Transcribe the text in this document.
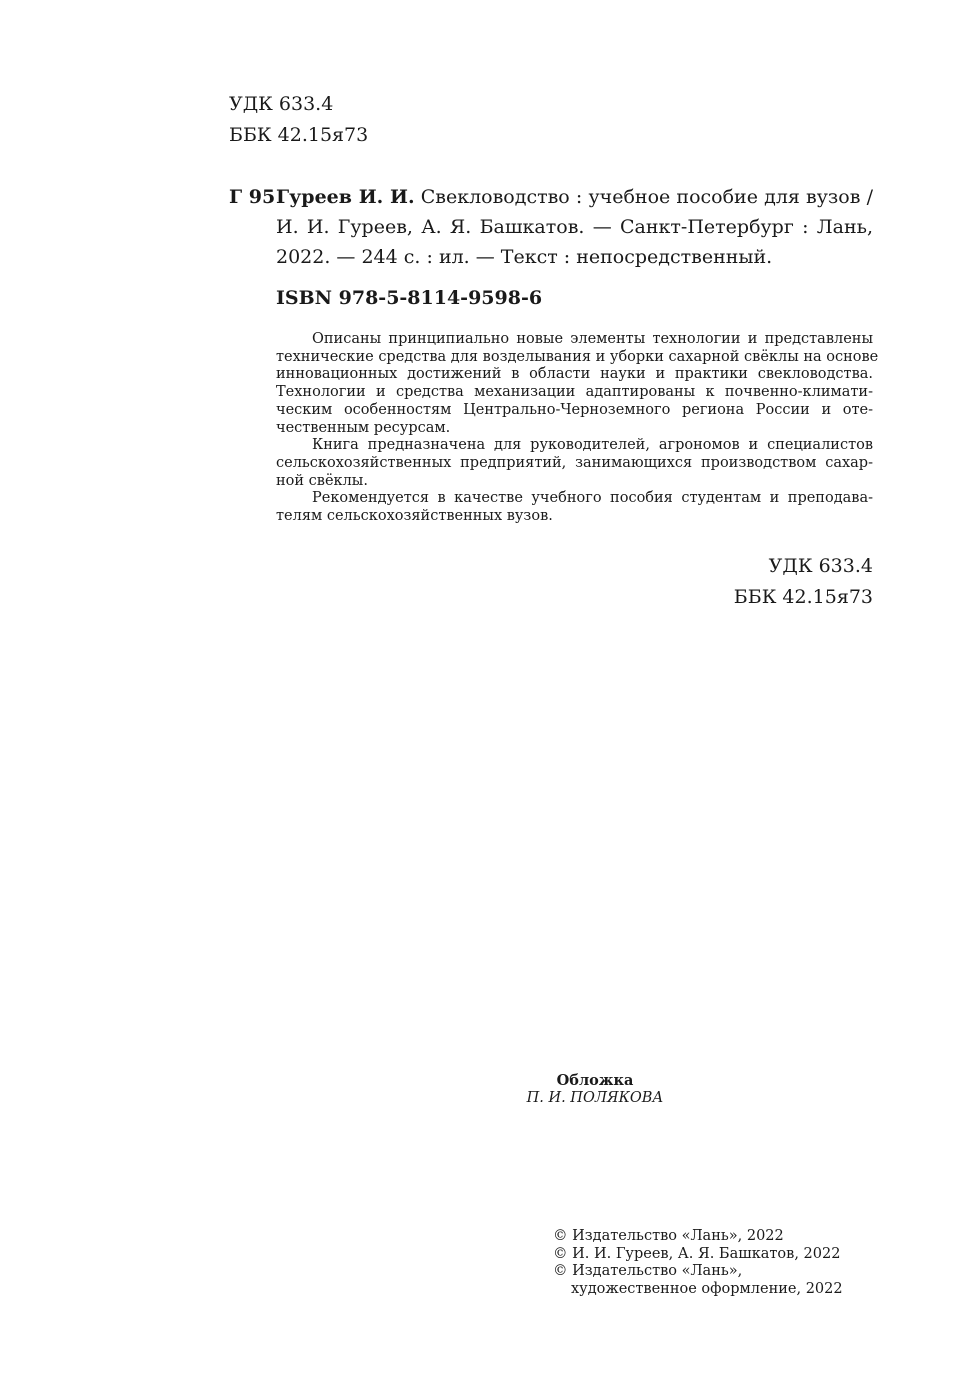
УДК 633.4
ББК 42.15я73
Г 95 Гуреев И. И. Свекловодство : учебное пособие для вузов /
И. И. Гуреев, А. Я. Башкатов. — Санкт-Петербург : Лань,
2022. — 244 с. : ил. — Текст : непосредственный.
ISBN 978-5-8114-9598-6
Описаны принципиально новые элементы технологии и представлены
технические средства для возделывания и уборки сахарной свёклы на основе
инновационных достижений в области науки и практики свекловодства.
Технологии и средства механизации адаптированы к почвенно-климати-
ческим особенностям Центрально-Черноземного региона России и оте-
чественным ресурсам.
Книга предназначена для руководителей, агрономов и специалистов
сельскохозяйственных предприятий, занимающихся производством сахар-
ной свёклы.
Рекомендуется в качестве учебного пособия студентам и преподава-
телям сельскохозяйственных вузов.
УДК 633.4
ББК 42.15я73
Обложка
П. И. ПОЛЯКОВА
© Издательство «Лань», 2022
© И. И. Гуреев, А. Я. Башкатов, 2022
© Издательство «Лань»,
художественное оформление, 2022
